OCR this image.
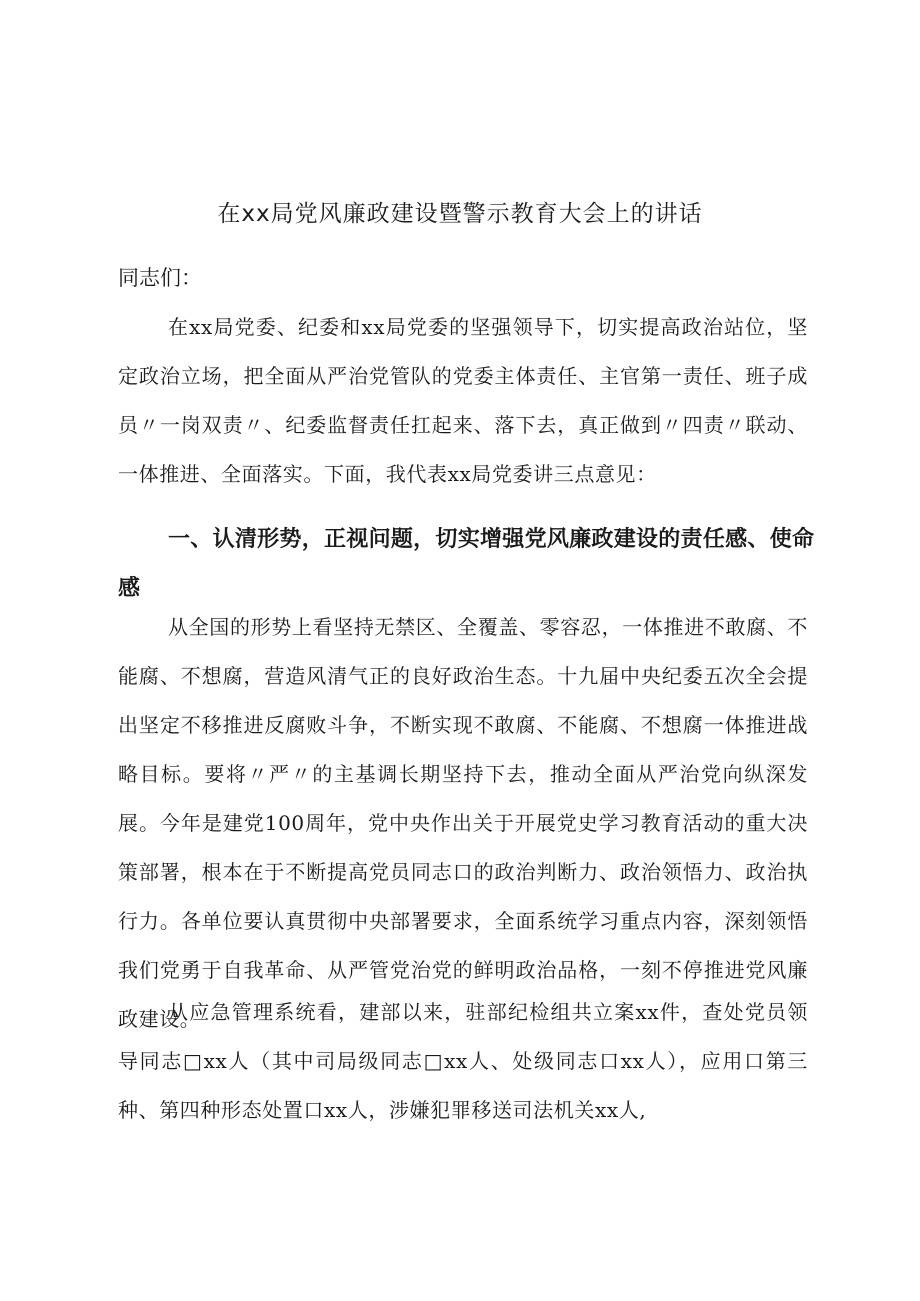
在xx局党风廉政建设暨警示教育大会上的讲话

同志们：

在xx局党委、纪委和xx局党委的坚强领导下，切实提高政治站位，坚定政治立场，把全面从严治党管队的党委主体责任、主官第一责任、班子成员〃一岗双责〃、纪委监督责任扛起来、落下去，真正做到〃四责〃联动、一体推进、全面落实。下面，我代表xx局党委讲三点意见：

一、认清形势，正视问题，切实增强党风廉政建设的责任感、使命感

从全国的形势上看坚持无禁区、全覆盖、零容忍，一体推进不敢腐、不能腐、不想腐，营造风清气正的良好政治生态。十九届中央纪委五次全会提出坚定不移推进反腐败斗争，不断实现不敢腐、不能腐、不想腐一体推进战略目标。要将〃严〃的主基调长期坚持下去，推动全面从严治党向纵深发展。今年是建党100周年，党中央作出关于开展党史学习教育活动的重大决策部署，根本在于不断提高党员同志口的政治判断力、政治领悟力、政治执行力。各单位要认真贯彻中央部署要求，全面系统学习重点内容，深刻领悟我们党勇于自我革命、从严管党治党的鲜明政治品格，一刻不停推进党风廉政建设。

从应急管理系统看，建部以来，驻部纪检组共立案xx件，查处党员领导同志□xx人（其中司局级同志□xx人、处级同志口xx人），应用口第三种、第四种形态处置口xx人，涉嫌犯罪移送司法机关xx人,
